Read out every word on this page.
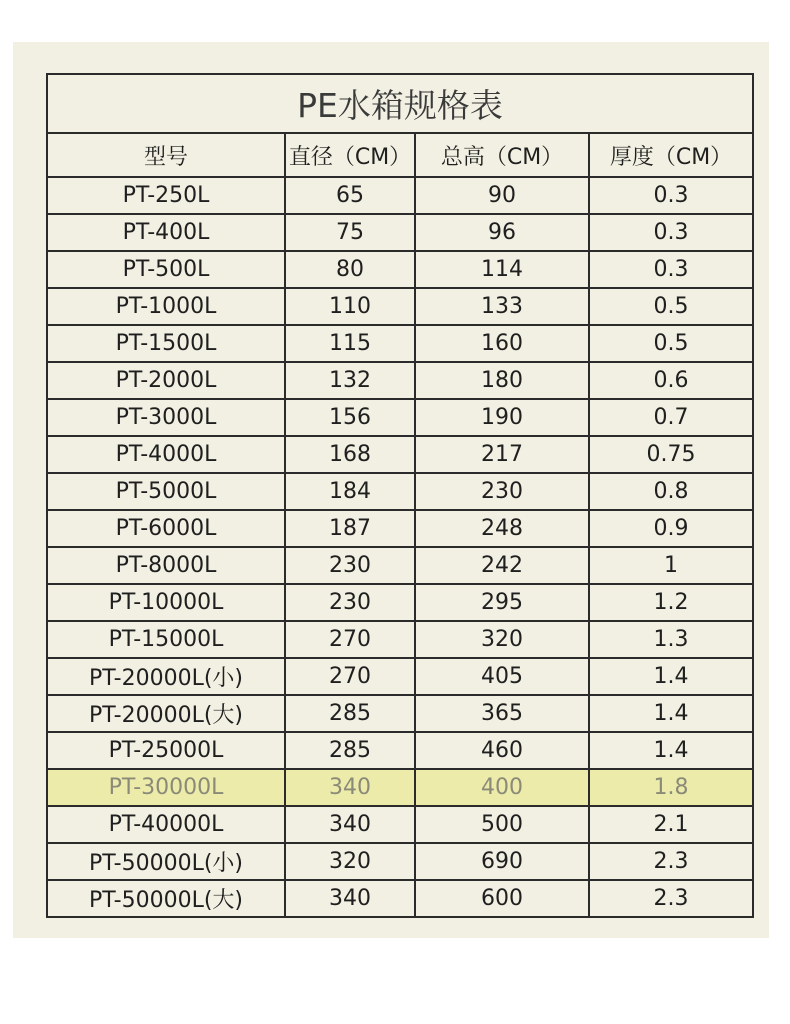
PE水箱规格表			
型号	直径（CM）	总高（CM）	厚度（CM）
PT-250L	65	90	0.3
PT-400L	75	96	0.3
PT-500L	80	114	0.3
PT-1000L	110	133	0.5
PT-1500L	115	160	0.5
PT-2000L	132	180	0.6
PT-3000L	156	190	0.7
PT-4000L	168	217	0.75
PT-5000L	184	230	0.8
PT-6000L	187	248	0.9
PT-8000L	230	242	1
PT-10000L	230	295	1.2
PT-15000L	270	320	1.3
PT-20000L(小)	270	405	1.4
PT-20000L(大)	285	365	1.4
PT-25000L	285	460	1.4
PT-30000L	340	400	1.8
PT-40000L	340	500	2.1
PT-50000L(小)	320	690	2.3
PT-50000L(大)	340	600	2.3
